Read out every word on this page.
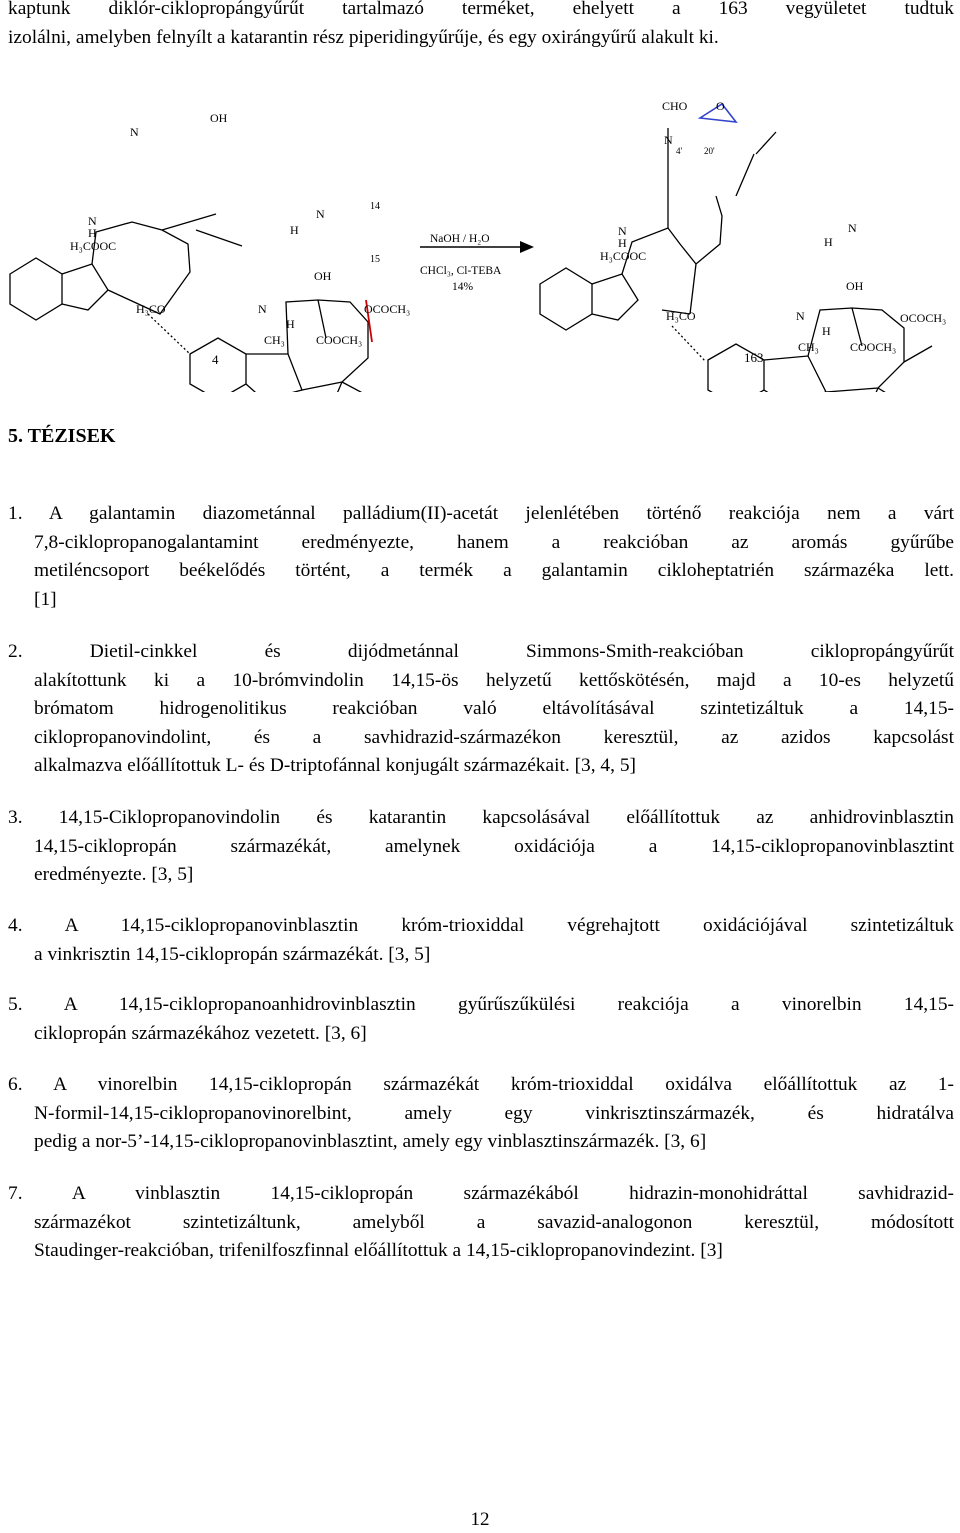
kaptunk diklór-ciklopropángyűrűt tartalmazó terméket, ehelyett a 163 vegyületet tudtuk
izolálni, amelyben felnyílt a katarantin rész piperidingyűrűje, és egy oxirángyűrű alakult ki.
OH
N
N
H
H₃COOC
H
N
14
15
OH
H₃CO	N	OCOCH₃
H
CH₃	COOCH₃
4
NaOH / H₂O
CHCl₃, Cl-TEBA
14%
CHO O
N
4' 20'
N
H
H₃COOC
H
N
OH
H₃CO	N	OCOCH₃
H
CH₃	COOCH₃
163
5. TÉZISEK
1. A galantamin diazometánnal palládium(II)-acetát jelenlétében történő reakciója nem a várt
7,8-ciklopropanogalantamint eredményezte, hanem a reakcióban az aromás gyűrűbe
metiléncsoport beékelődés történt, a termék a galantamin cikloheptatrién származéka lett.
[1]
2.	Dietil-cinkkel és dijódmetánnal Simmons-Smith-reakcióban ciklopropángyűrűt
alakítottunk ki a 10-brómvindolin 14,15-ös helyzetű kettőskötésén, majd a 10-es helyzetű
brómatom hidrogenolitikus reakcióban való eltávolításával szintetizáltuk a 14,15-
ciklopropanovindolint, és a savhidrazid-származékon keresztül, az azidos kapcsolást
alkalmazva előállítottuk L- és D-triptofánnal konjugált származékait. [3, 4, 5]
3. 14,15-Ciklopropanovindolin és katarantin kapcsolásával előállítottuk az anhidrovinblasztin
14,15-ciklopropán származékát, amelynek oxidációja a 14,15-ciklopropanovinblasztint
eredményezte. [3, 5]
4. A 14,15-ciklopropanovinblasztin króm-trioxiddal végrehajtott oxidációjával szintetizáltuk
a vinkrisztin 14,15-ciklopropán származékát. [3, 5]
5. A 14,15-ciklopropanoanhidrovinblasztin gyűrűszűkülési reakciója a vinorelbin 14,15-
ciklopropán származékához vezetett. [3, 6]
6. A vinorelbin 14,15-ciklopropán származékát króm-trioxiddal oxidálva előállítottuk az 1-
N-formil-14,15-ciklopropanovinorelbint, amely egy vinkrisztinszármazék, és hidratálva
pedig a nor-5’-14,15-ciklopropanovinblasztint, amely egy vinblasztinszármazék. [3, 6]
7.	A vinblasztin 14,15-ciklopropán származékából hidrazin-monohidráttal savhidrazid-
származékot szintetizáltunk, amelyből a savazid-analogonon keresztül, módosított
Staudinger-reakcióban, trifenilfoszfinnal előállítottuk a 14,15-ciklopropanovindezint. [3]
12
